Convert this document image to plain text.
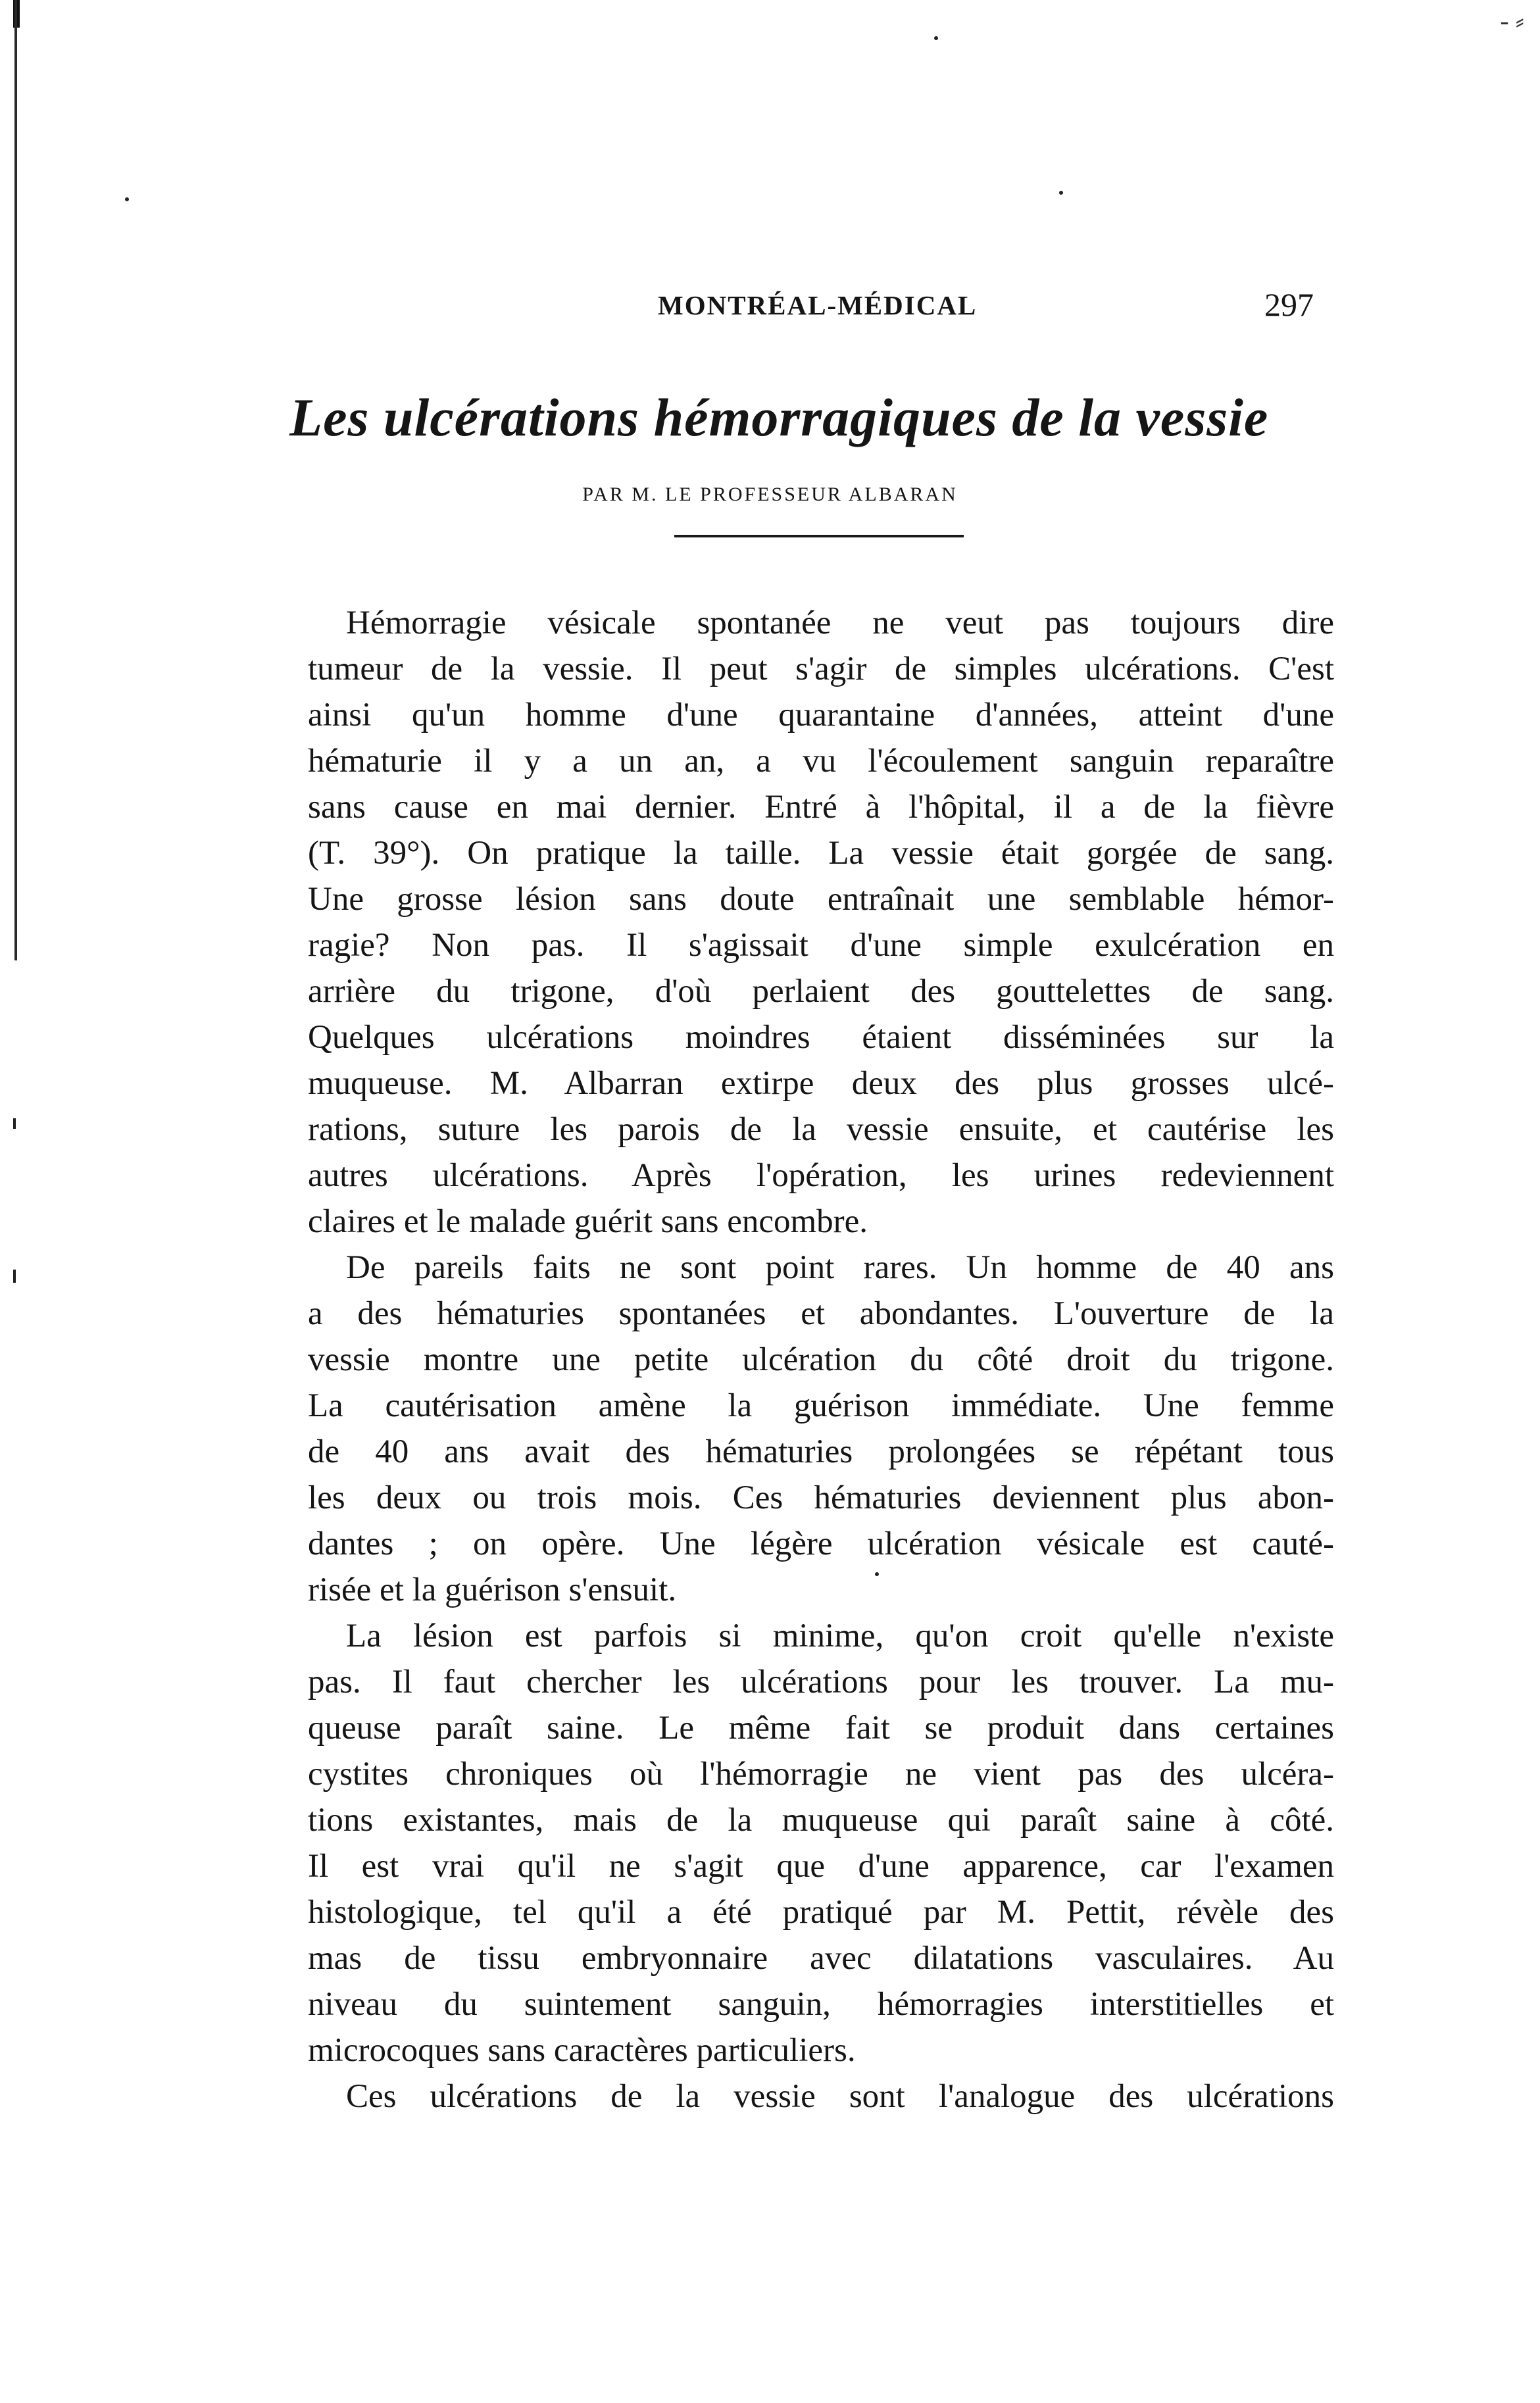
- ⸗
MONTRÉAL-MÉDICAL	297
Les ulcérations hémorragiques de la vessie
PAR M. LE PROFESSEUR ALBARAN
Hémorragie vésicale spontanée ne veut pas toujours dire
tumeur de la vessie. Il peut s'agir de simples ulcérations. C'est
ainsi qu'un homme d'une quarantaine d'années, atteint d'une
hématurie il y a un an, a vu l'écoulement sanguin reparaître
sans cause en mai dernier. Entré à l'hôpital, il a de la fièvre
(T. 39°). On pratique la taille. La vessie était gorgée de sang.
Une grosse lésion sans doute entraînait une semblable hémor-
ragie? Non pas. Il s'agissait d'une simple exulcération en
arrière du trigone, d'où perlaient des gouttelettes de sang.
Quelques ulcérations moindres étaient disséminées sur la
muqueuse. M. Albarran extirpe deux des plus grosses ulcé-
rations, suture les parois de la vessie ensuite, et cautérise les
autres ulcérations. Après l'opération, les urines redeviennent
claires et le malade guérit sans encombre.
De pareils faits ne sont point rares. Un homme de 40 ans
a des hématuries spontanées et abondantes. L'ouverture de la
vessie montre une petite ulcération du côté droit du trigone.
La cautérisation amène la guérison immédiate. Une femme
de 40 ans avait des hématuries prolongées se répétant tous
les deux ou trois mois. Ces hématuries deviennent plus abon-
dantes ; on opère. Une légère ulcération vésicale est cauté-
risée et la guérison s'ensuit.
La lésion est parfois si minime, qu'on croit qu'elle n'existe
pas. Il faut chercher les ulcérations pour les trouver. La mu-
queuse paraît saine. Le même fait se produit dans certaines
cystites chroniques où l'hémorragie ne vient pas des ulcéra-
tions existantes, mais de la muqueuse qui paraît saine à côté.
Il est vrai qu'il ne s'agit que d'une apparence, car l'examen
histologique, tel qu'il a été pratiqué par M. Pettit, révèle des
mas de tissu embryonnaire avec dilatations vasculaires. Au
niveau du suintement sanguin, hémorragies interstitielles et
microcoques sans caractères particuliers.
Ces ulcérations de la vessie sont l'analogue des ulcérations
